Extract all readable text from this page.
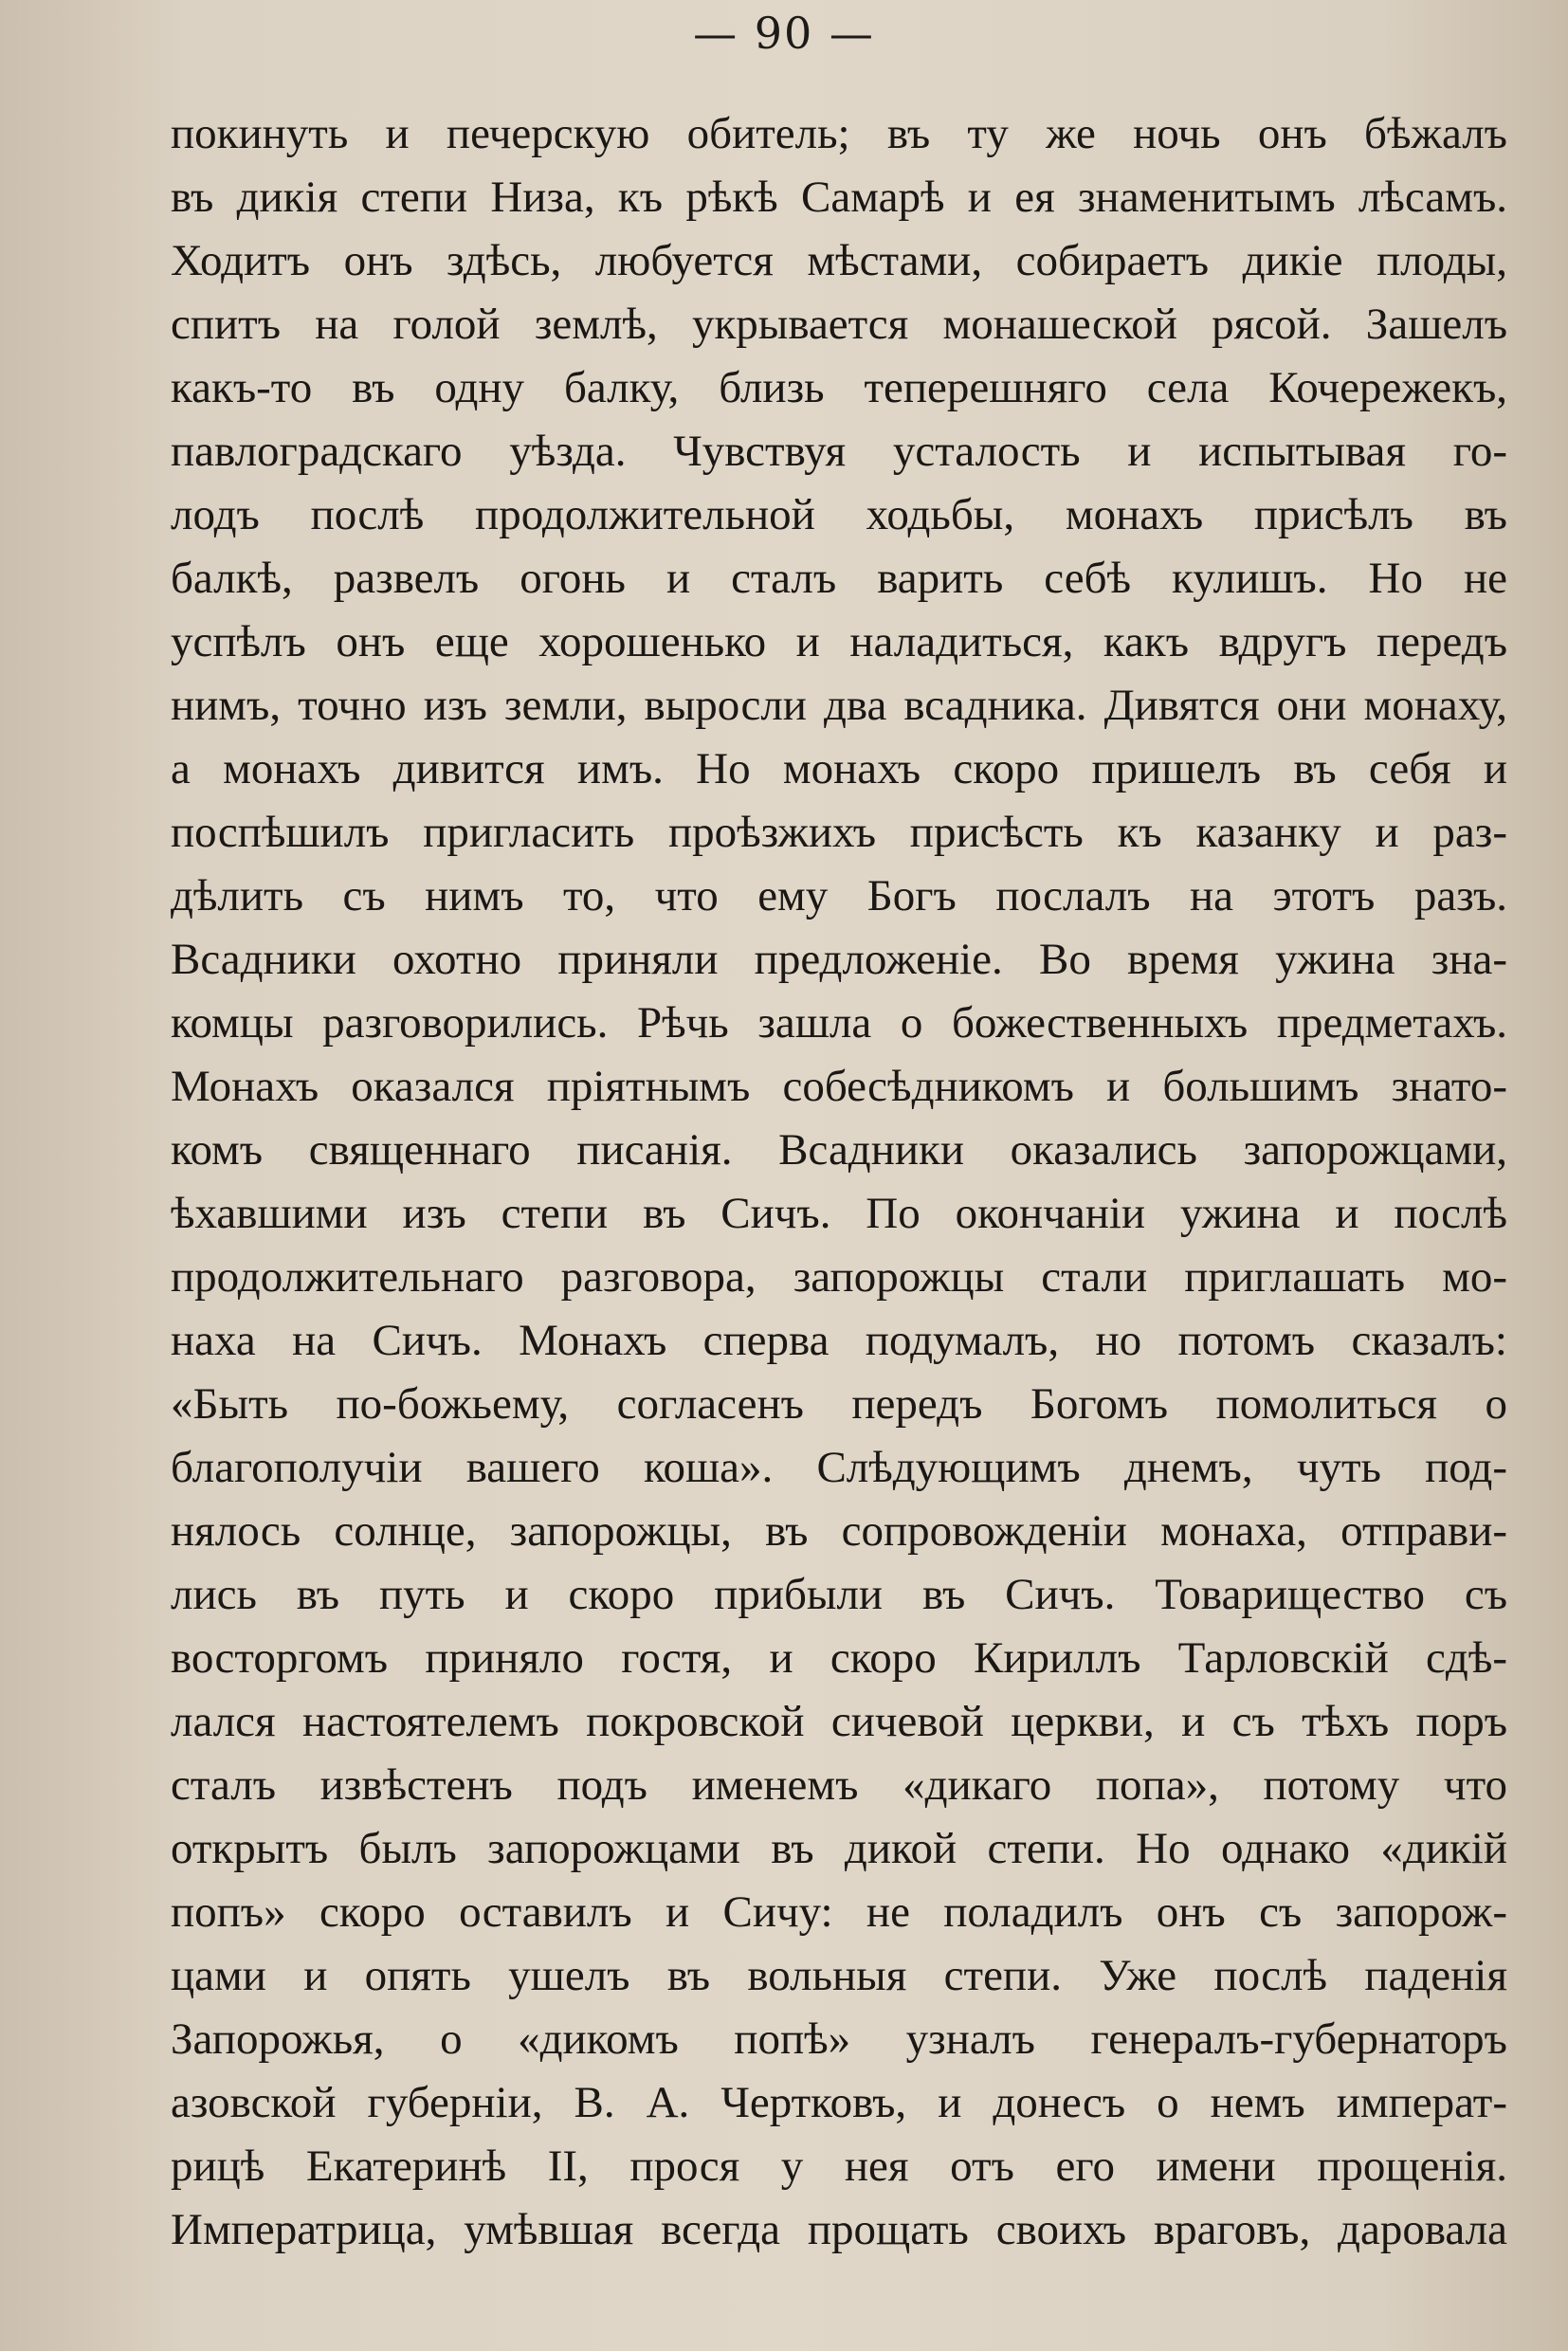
— 90 —
покинуть и печерскую обитель; въ ту же ночь онъ бѣжалъ
въ дикія степи Низа, къ рѣкѣ Самарѣ и ея знаменитымъ лѣсамъ.
Ходитъ онъ здѣсь, любуется мѣстами, собираетъ дикіе плоды,
спитъ на голой землѣ, укрывается монашеской рясой. Зашелъ
какъ-то въ одну балку, близь теперешняго села Кочережекъ,
павлоградскаго уѣзда. Чувствуя усталость и испытывая го-
лодъ послѣ продолжительной ходьбы, монахъ присѣлъ въ
балкѣ, развелъ огонь и сталъ варить себѣ кулишъ. Но не
успѣлъ онъ еще хорошенько и наладиться, какъ вдругъ передъ
нимъ, точно изъ земли, выросли два всадника. Дивятся они монаху,
а монахъ дивится имъ. Но монахъ скоро пришелъ въ себя и
поспѣшилъ пригласить проѣзжихъ присѣсть къ казанку и раз-
дѣлить съ нимъ то, что ему Богъ послалъ на этотъ разъ.
Всадники охотно приняли предложеніе. Во время ужина зна-
комцы разговорились. Рѣчь зашла о божественныхъ предметахъ.
Монахъ оказался пріятнымъ собесѣдникомъ и большимъ знато-
комъ священнаго писанія. Всадники оказались запорожцами,
ѣхавшими изъ степи въ Сичъ. По окончаніи ужина и послѣ
продолжительнаго разговора, запорожцы стали приглашать мо-
наха на Сичъ. Монахъ сперва подумалъ, но потомъ сказалъ:
«Быть по-божьему, согласенъ передъ Богомъ помолиться о
благополучіи вашего коша». Слѣдующимъ днемъ, чуть под-
нялось солнце, запорожцы, въ сопровожденіи монаха, отправи-
лись въ путь и скоро прибыли въ Сичъ. Товарищество съ
восторгомъ приняло гостя, и скоро Кириллъ Тарловскій сдѣ-
лался настоятелемъ покровской сичевой церкви, и съ тѣхъ поръ
сталъ извѣстенъ подъ именемъ «дикаго попа», потому что
открытъ былъ запорожцами въ дикой степи. Но однако «дикій
попъ» скоро оставилъ и Сичу: не поладилъ онъ съ запорож-
цами и опять ушелъ въ вольныя степи. Уже послѣ паденія
Запорожья, о «дикомъ попѣ» узналъ генералъ-губернаторъ
азовской губерніи, В. А. Чертковъ, и донесъ о немъ императ-
рицѣ Екатеринѣ II, прося у нея отъ его имени прощенія.
Императрица, умѣвшая всегда прощать своихъ враговъ, даровала
